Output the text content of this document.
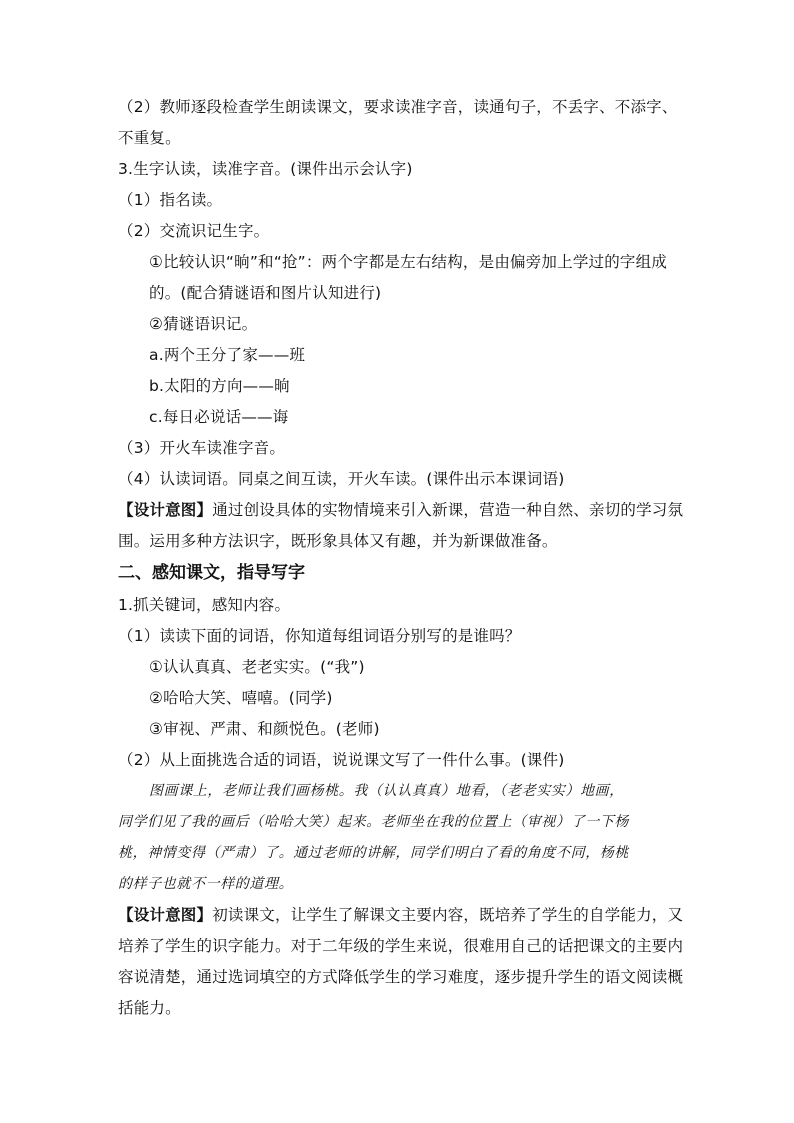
（2）教师逐段检查学生朗读课文，要求读准字音，读通句子，不丢字、不添字、不重复。

3.生字认读，读准字音。(课件出示会认字)

（1）指名读。

（2）交流识记生字。

①比较认识“晌”和“抢”：两个字都是左右结构，是由偏旁加上学过的字组成的。(配合猜谜语和图片认知进行)

②猜谜语识记。

a.两个王分了家——班

b.太阳的方向——晌

c.每日必说话——诲

（3）开火车读准字音。

（4）认读词语。同桌之间互读，开火车读。(课件出示本课词语)

【设计意图】通过创设具体的实物情境来引入新课，营造一种自然、亲切的学习氛围。运用多种方法识字，既形象具体又有趣，并为新课做准备。

二、感知课文，指导写字

1.抓关键词，感知内容。

（1）读读下面的词语，你知道每组词语分别写的是谁吗？

①认认真真、老老实实。(“我”)

②哈哈大笑、嘻嘻。(同学)

③审视、严肃、和颜悦色。(老师)

（2）从上面挑选合适的词语，说说课文写了一件什么事。(课件)

图画课上，老师让我们画杨桃。我（认认真真）地看，（老老实实）地画，

同学们见了我的画后（哈哈大笑）起来。老师坐在我的位置上（审视）了一下杨

桃，神情变得（严肃）了。通过老师的讲解，同学们明白了看的角度不同，杨桃

的样子也就不一样的道理。

【设计意图】初读课文，让学生了解课文主要内容，既培养了学生的自学能力，又培养了学生的识字能力。对于二年级的学生来说，很难用自己的话把课文的主要内容说清楚，通过选词填空的方式降低学生的学习难度，逐步提升学生的语文阅读概括能力。
